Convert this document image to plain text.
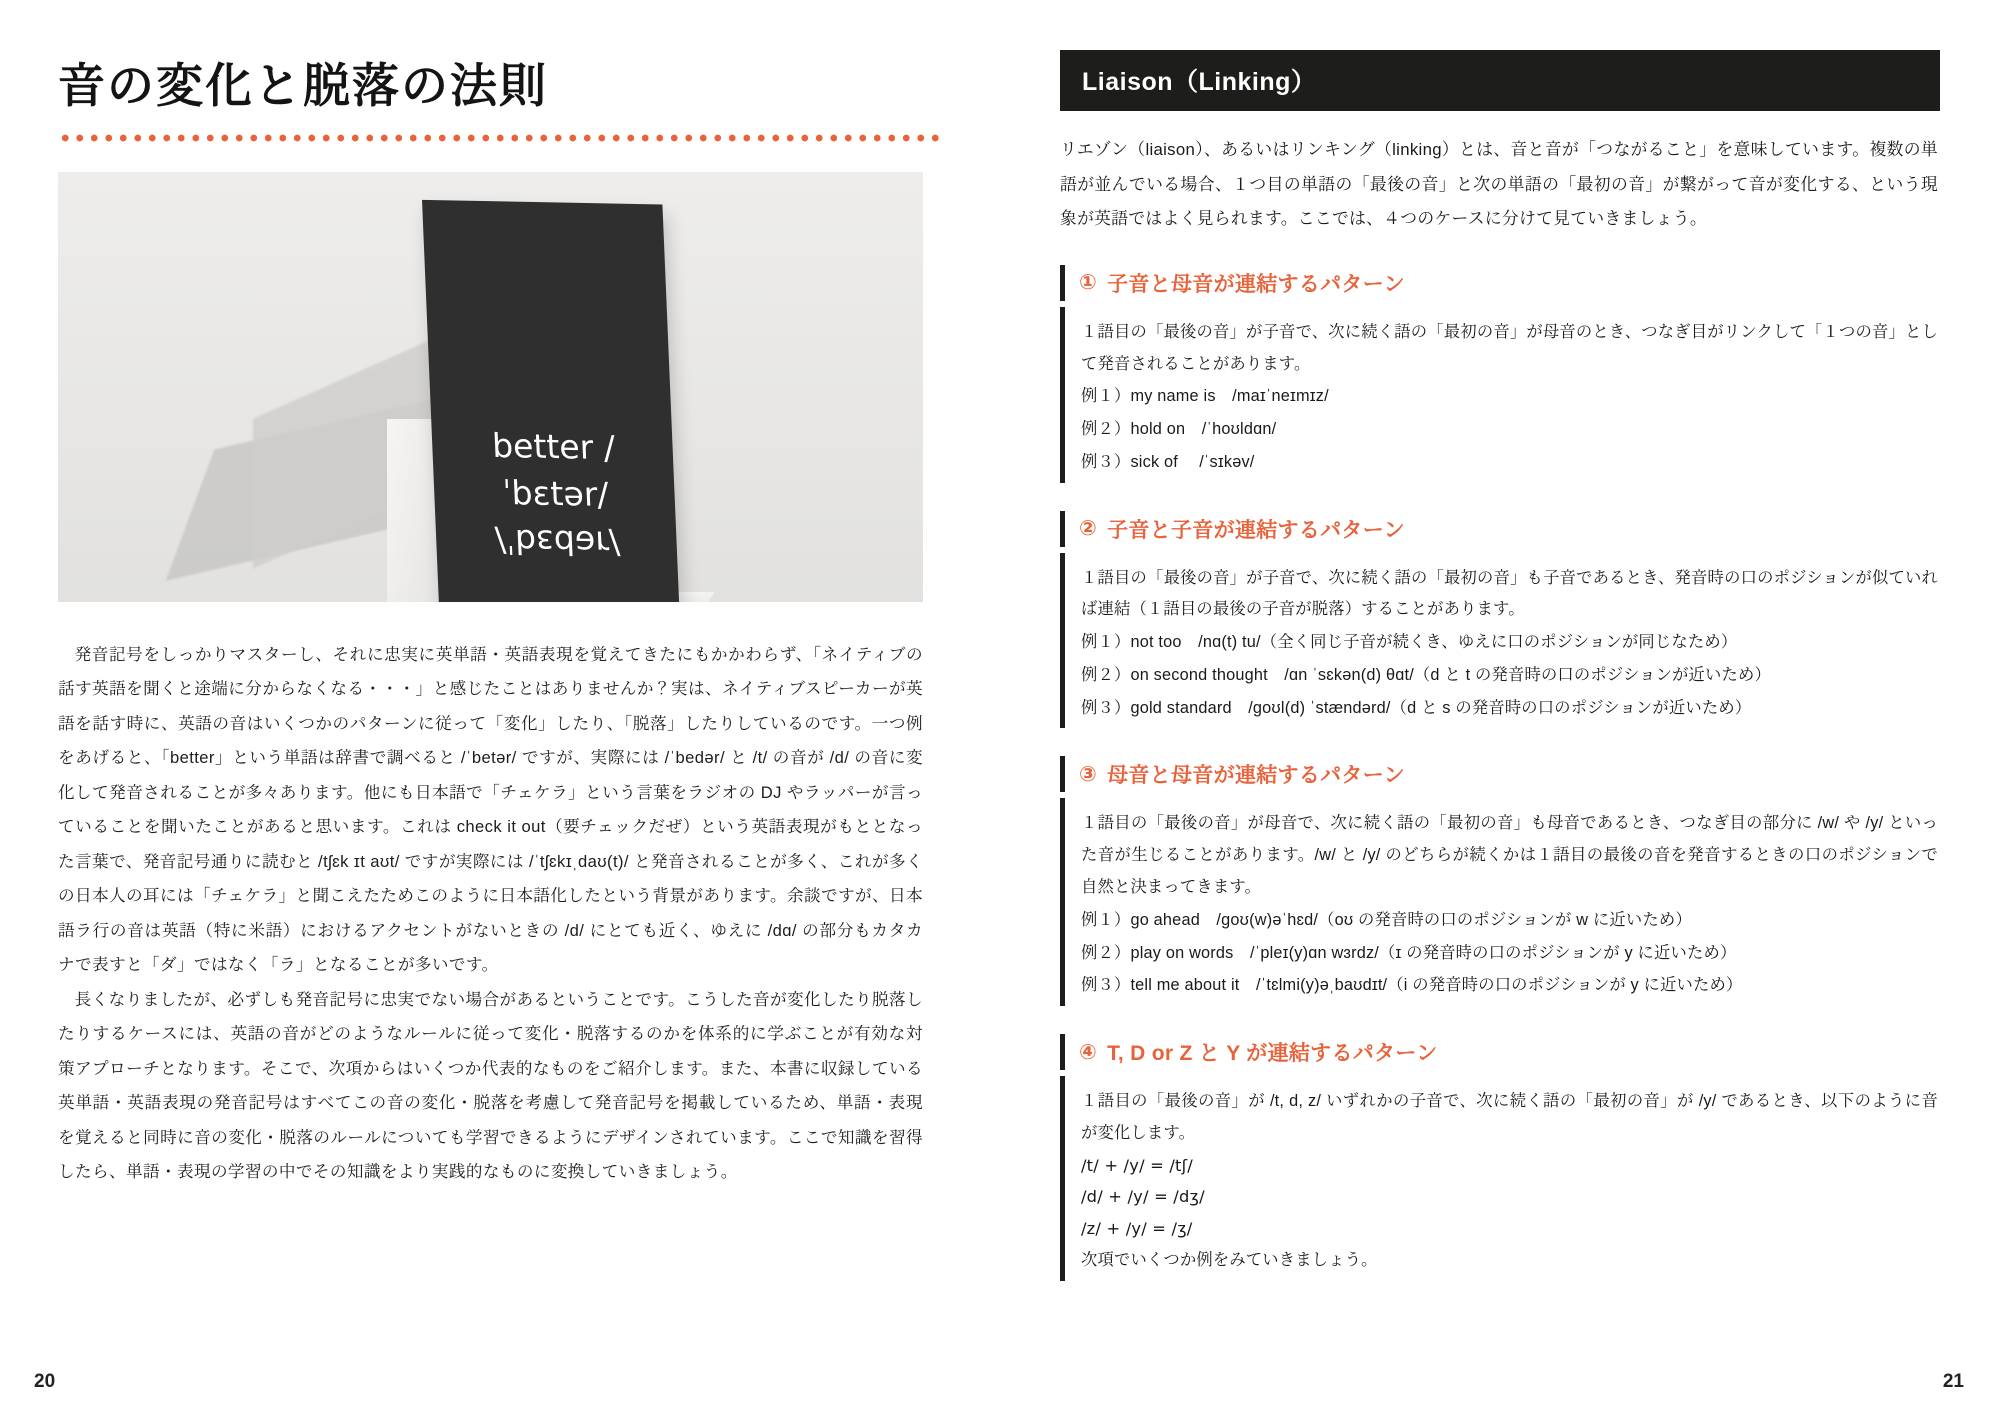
音の変化と脱落の法則
better /ˈbɛtər/
/ˈbɛdər/

発音記号をしっかりマスターし、それに忠実に英単語・英語表現を覚えてきたにもかかわらず、「ネイティブの話す英語を聞くと途端に分からなくなる・・・」と感じたことはありませんか？実は、ネイティブスピーカーが英語を話す時に、英語の音はいくつかのパターンに従って「変化」したり、「脱落」したりしているのです。一つ例をあげると、「better」という単語は辞書で調べると /ˈbetər/ ですが、実際には /ˈbedər/ と /t/ の音が /d/ の音に変化して発音されることが多々あります。他にも日本語で「チェケラ」という言葉をラジオの DJ やラッパーが言っていることを聞いたことがあると思います。これは check it out（要チェックだぜ）という英語表現がもととなった言葉で、発音記号通りに読むと /tʃɛk ɪt aʊt/ ですが実際には /ˈtʃɛkɪˌdaʊ(t)/ と発音されることが多く、これが多くの日本人の耳には「チェケラ」と聞こえたためこのように日本語化したという背景があります。余談ですが、日本語ラ行の音は英語（特に米語）におけるアクセントがないときの /d/ にとても近く、ゆえに /dɑ/ の部分もカタカナで表すと「ダ」ではなく「ラ」となることが多いです。

長くなりましたが、必ずしも発音記号に忠実でない場合があるということです。こうした音が変化したり脱落したりするケースには、英語の音がどのようなルールに従って変化・脱落するのかを体系的に学ぶことが有効な対策アプローチとなります。そこで、次項からはいくつか代表的なものをご紹介します。また、本書に収録している英単語・英語表現の発音記号はすべてこの音の変化・脱落を考慮して発音記号を掲載しているため、単語・表現を覚えると同時に音の変化・脱落のルールについても学習できるようにデザインされています。ここで知識を習得したら、単語・表現の学習の中でその知識をより実践的なものに変換していきましょう。

20
Liaison（Linking）
リエゾン（liaison）、あるいはリンキング（linking）とは、音と音が「つながること」を意味しています。複数の単語が並んでいる場合、１つ目の単語の「最後の音」と次の単語の「最初の音」が繋がって音が変化する、という現象が英語ではよく見られます。ここでは、４つのケースに分けて見ていきましょう。
① 子音と母音が連結するパターン
１語目の「最後の音」が子音で、次に続く語の「最初の音」が母音のとき、つなぎ目がリンクして「１つの音」として発音されることがあります。
例１）my name is　/maɪˈneɪmɪz/
例２）hold on　/ˈhoʊldɑn/
例３）sick of　 /ˈsɪkəv/
② 子音と子音が連結するパターン
１語目の「最後の音」が子音で、次に続く語の「最初の音」も子音であるとき、発音時の口のポジションが似ていれば連結（１語目の最後の子音が脱落）することがあります。
例１）not too　/nɑ(t) tu/（全く同じ子音が続くき、ゆえに口のポジションが同じなため）
例２）on second thought　/ɑn ˈsɛkən(d) θɑt/（d と t の発音時の口のポジションが近いため）
例３）gold standard　/goʊl(d) ˈstændərd/（d と s の発音時の口のポジションが近いため）
③ 母音と母音が連結するパターン
１語目の「最後の音」が母音で、次に続く語の「最初の音」も母音であるとき、つなぎ目の部分に /w/ や /y/ といった音が生じることがあります。/w/ と /y/ のどちらが続くかは１語目の最後の音を発音するときの口のポジションで自然と決まってきます。
例１）go ahead　/goʊ(w)əˈhɛd/（oʊ の発音時の口のポジションが w に近いため）
例２）play on words　/ˈpleɪ(y)ɑn wɜrdz/（ɪ の発音時の口のポジションが y に近いため）
例３）tell me about it　/ˈtɛlmi(y)əˌbaʊdɪt/（i の発音時の口のポジションが y に近いため）
④ T, D or Z と Y が連結するパターン
１語目の「最後の音」が /t, d, z/ いずれかの子音で、次に続く語の「最初の音」が /y/ であるとき、以下のように音が変化します。
/t/ + /y/ = /tʃ/
/d/ + /y/ = /dʒ/
/z/ + /y/ = /ʒ/
次項でいくつか例をみていきましょう。
21
